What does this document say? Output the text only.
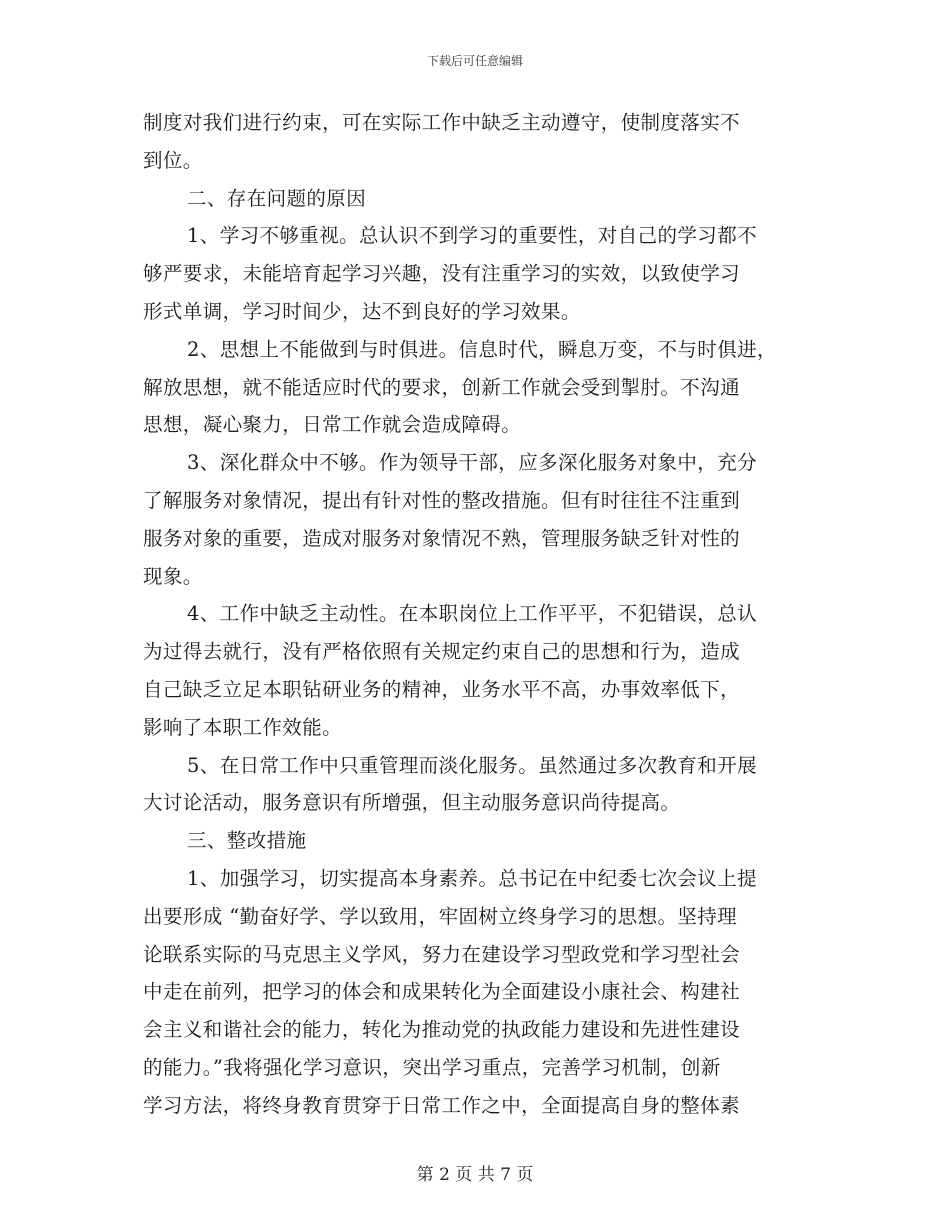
下载后可任意编辑
制度对我们进行约束，可在实际工作中缺乏主动遵守，使制度落实不
到位。
二、存在问题的原因
1、学习不够重视。总认识不到学习的重要性，对自己的学习都不
够严要求，未能培育起学习兴趣，没有注重学习的实效，以致使学习
形式单调，学习时间少，达不到良好的学习效果。
2、思想上不能做到与时俱进。信息时代，瞬息万变，不与时俱进，
解放思想，就不能适应时代的要求，创新工作就会受到掣肘。不沟通
思想，凝心聚力，日常工作就会造成障碍。
3、深化群众中不够。作为领导干部，应多深化服务对象中，充分
了解服务对象情况，提出有针对性的整改措施。但有时往往不注重到
服务对象的重要，造成对服务对象情况不熟，管理服务缺乏针对性的
现象。
4、工作中缺乏主动性。在本职岗位上工作平平，不犯错误，总认
为过得去就行，没有严格依照有关规定约束自己的思想和行为，造成
自己缺乏立足本职钻研业务的精神，业务水平不高，办事效率低下，
影响了本职工作效能。
5、在日常工作中只重管理而淡化服务。虽然通过多次教育和开展
大讨论活动，服务意识有所增强，但主动服务意识尚待提高。
三、整改措施
1、加强学习，切实提高本身素养。总书记在中纪委七次会议上提
出要形成 “勤奋好学、学以致用，牢固树立终身学习的思想。坚持理
论联系实际的马克思主义学风，努力在建设学习型政党和学习型社会
中走在前列，把学习的体会和成果转化为全面建设小康社会、构建社
会主义和谐社会的能力，转化为推动党的执政能力建设和先进性建设
的能力。”我将强化学习意识，突出学习重点，完善学习机制，创新
学习方法，将终身教育贯穿于日常工作之中，全面提高自身的整体素
第 2 页 共 7 页
